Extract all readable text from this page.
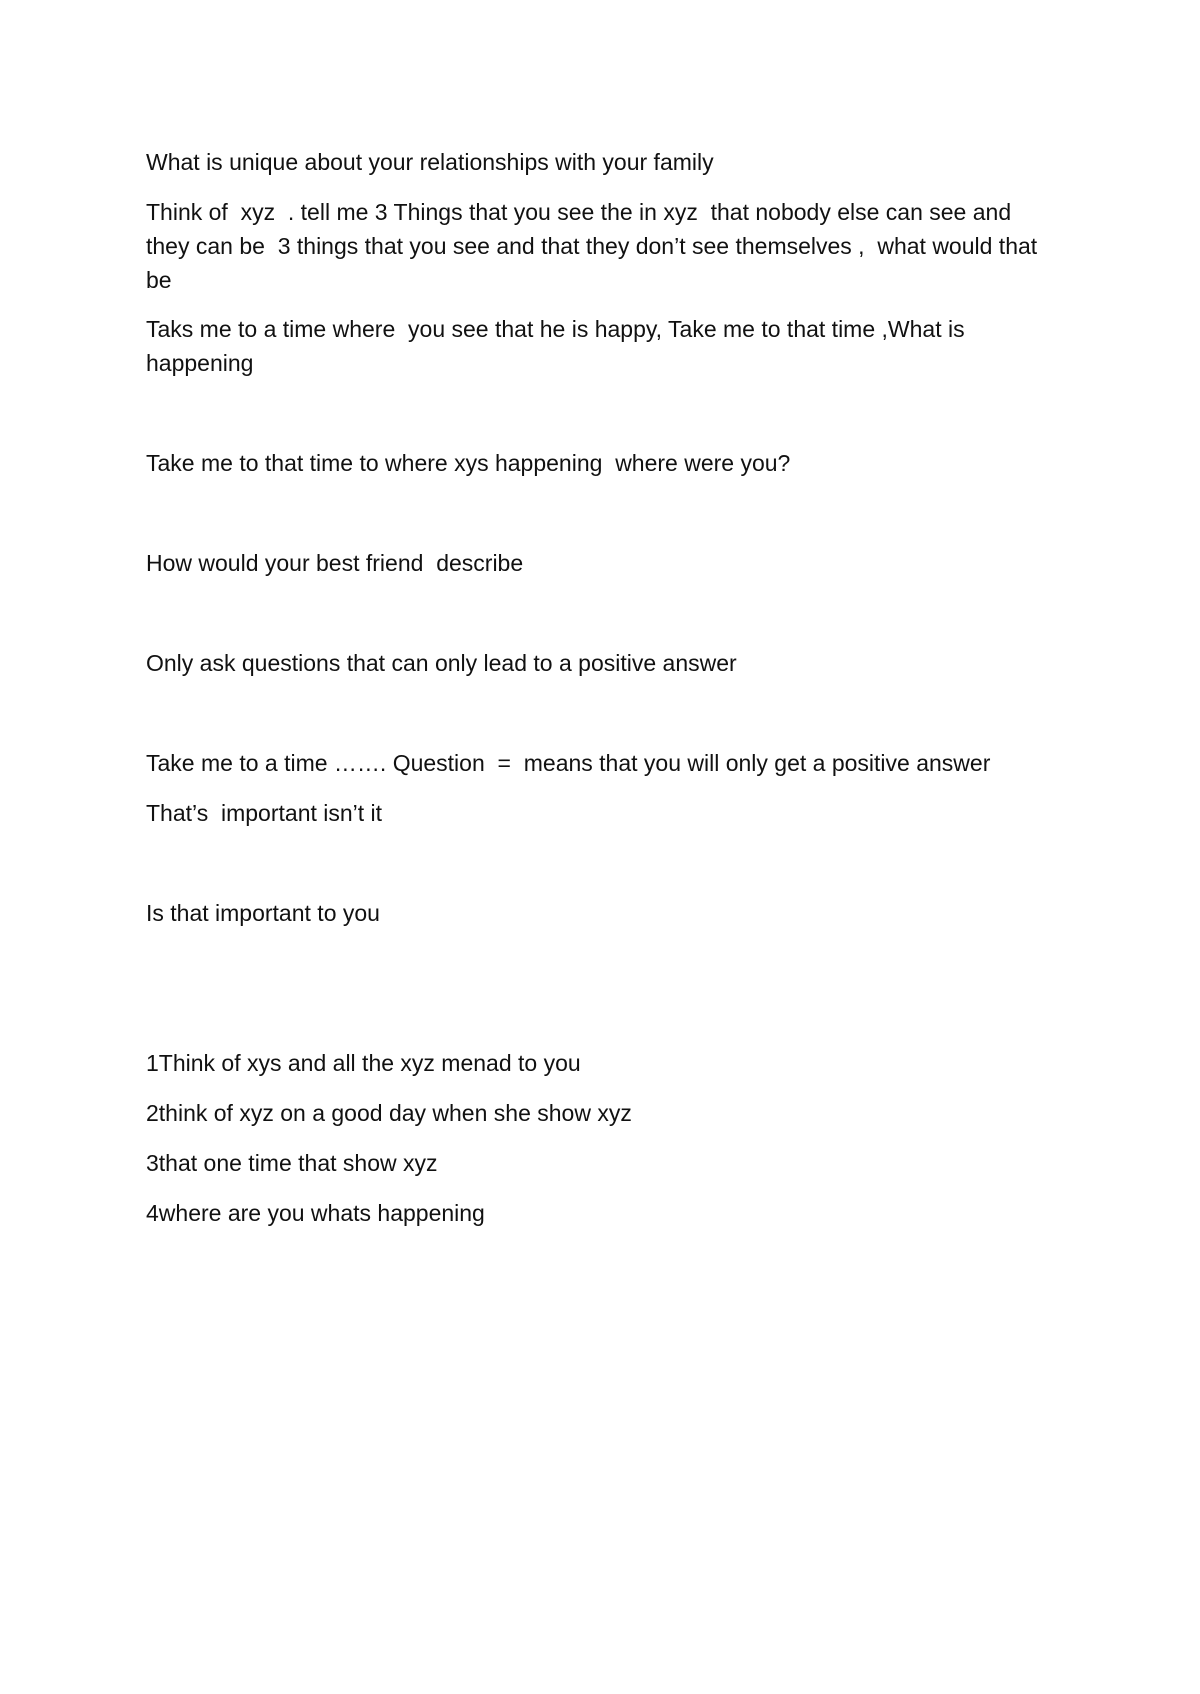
What is unique about your relationships with your family
Think of  xyz  . tell me 3 Things that you see the in xyz  that nobody else can see and they can be  3 things that you see and that they don’t see themselves ,  what would that be
Taks me to a time where  you see that he is happy, Take me to that time ,What is happening
Take me to that time to where xys happening  where were you?
How would your best friend  describe
Only ask questions that can only lead to a positive answer
Take me to a time ……. Question  =  means that you will only get a positive answer
That’s  important isn’t it
Is that important to you
1Think of xys and all the xyz menad to you
2think of xyz on a good day when she show xyz
3that one time that show xyz
4where are you whats happening
